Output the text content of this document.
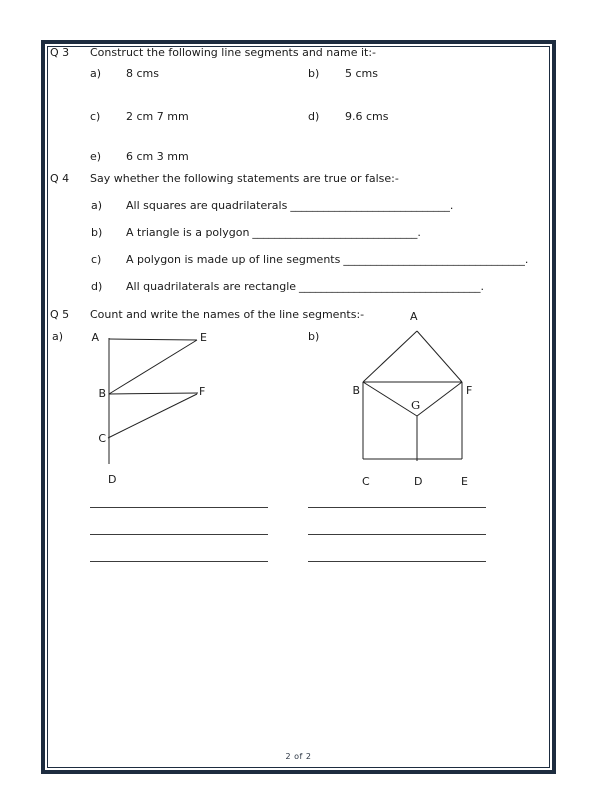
Q 3 Construct the following line segments and name it:-
a) 8 cms	b) 5 cms
c) 2 cm 7 mm	d) 9.6 cms
e) 6 cm 3 mm
Q 4 Say whether the following statements are true or false:-
a) All squares are quadrilaterals _____________________________.
b) A triangle is a polygon ______________________________.
c) A polygon is made up of line segments _________________________________.
d) All quadrilaterals are rectangle _________________________________.
Q 5 Count and write the names of the line segments:-
a)	b)
A	E
B	F
C
D
A
B	F
G
C	D	E
2 of 2
